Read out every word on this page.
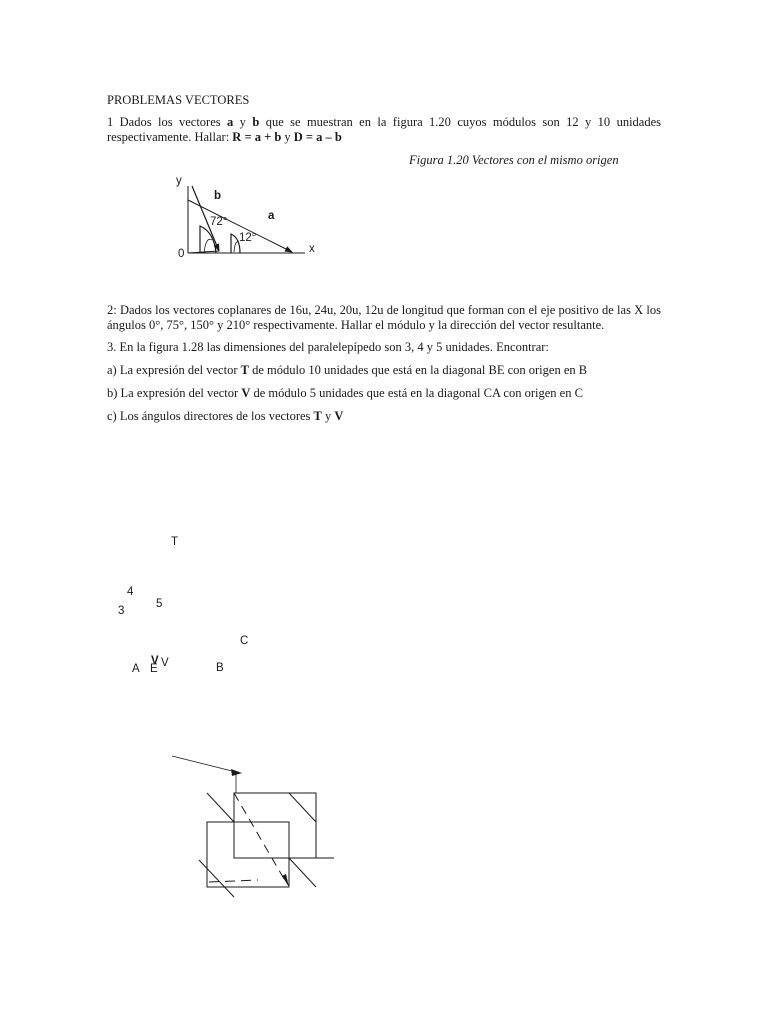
PROBLEMAS VECTORES
1 Dados los vectores a y b que se muestran en la figura 1.20 cuyos módulos son 12 y 10 unidades respectivamente. Hallar: R = a + b y D = a – b
Figura 1.20 Vectores con el mismo origen
y
0	x
b
a
72°
12°
2: Dados los vectores coplanares de 16u, 24u, 20u, 12u de longitud que forman con el eje positivo de las X los ángulos 0°, 75°, 150° y 210° respectivamente. Hallar el módulo y la dirección del vector resultante.
3. En la figura 1.28 las dimensiones del paralelepípedo son 3, 4 y 5 unidades. Encontrar:
a) La expresión del vector T de módulo 10 unidades que está en la diagonal BE con origen en B
b) La expresión del vector V de módulo 5 unidades que está en la diagonal CA con origen en C
c) Los ángulos directores de los vectores T y V
T
4
3
5
C
V V
A E	B
